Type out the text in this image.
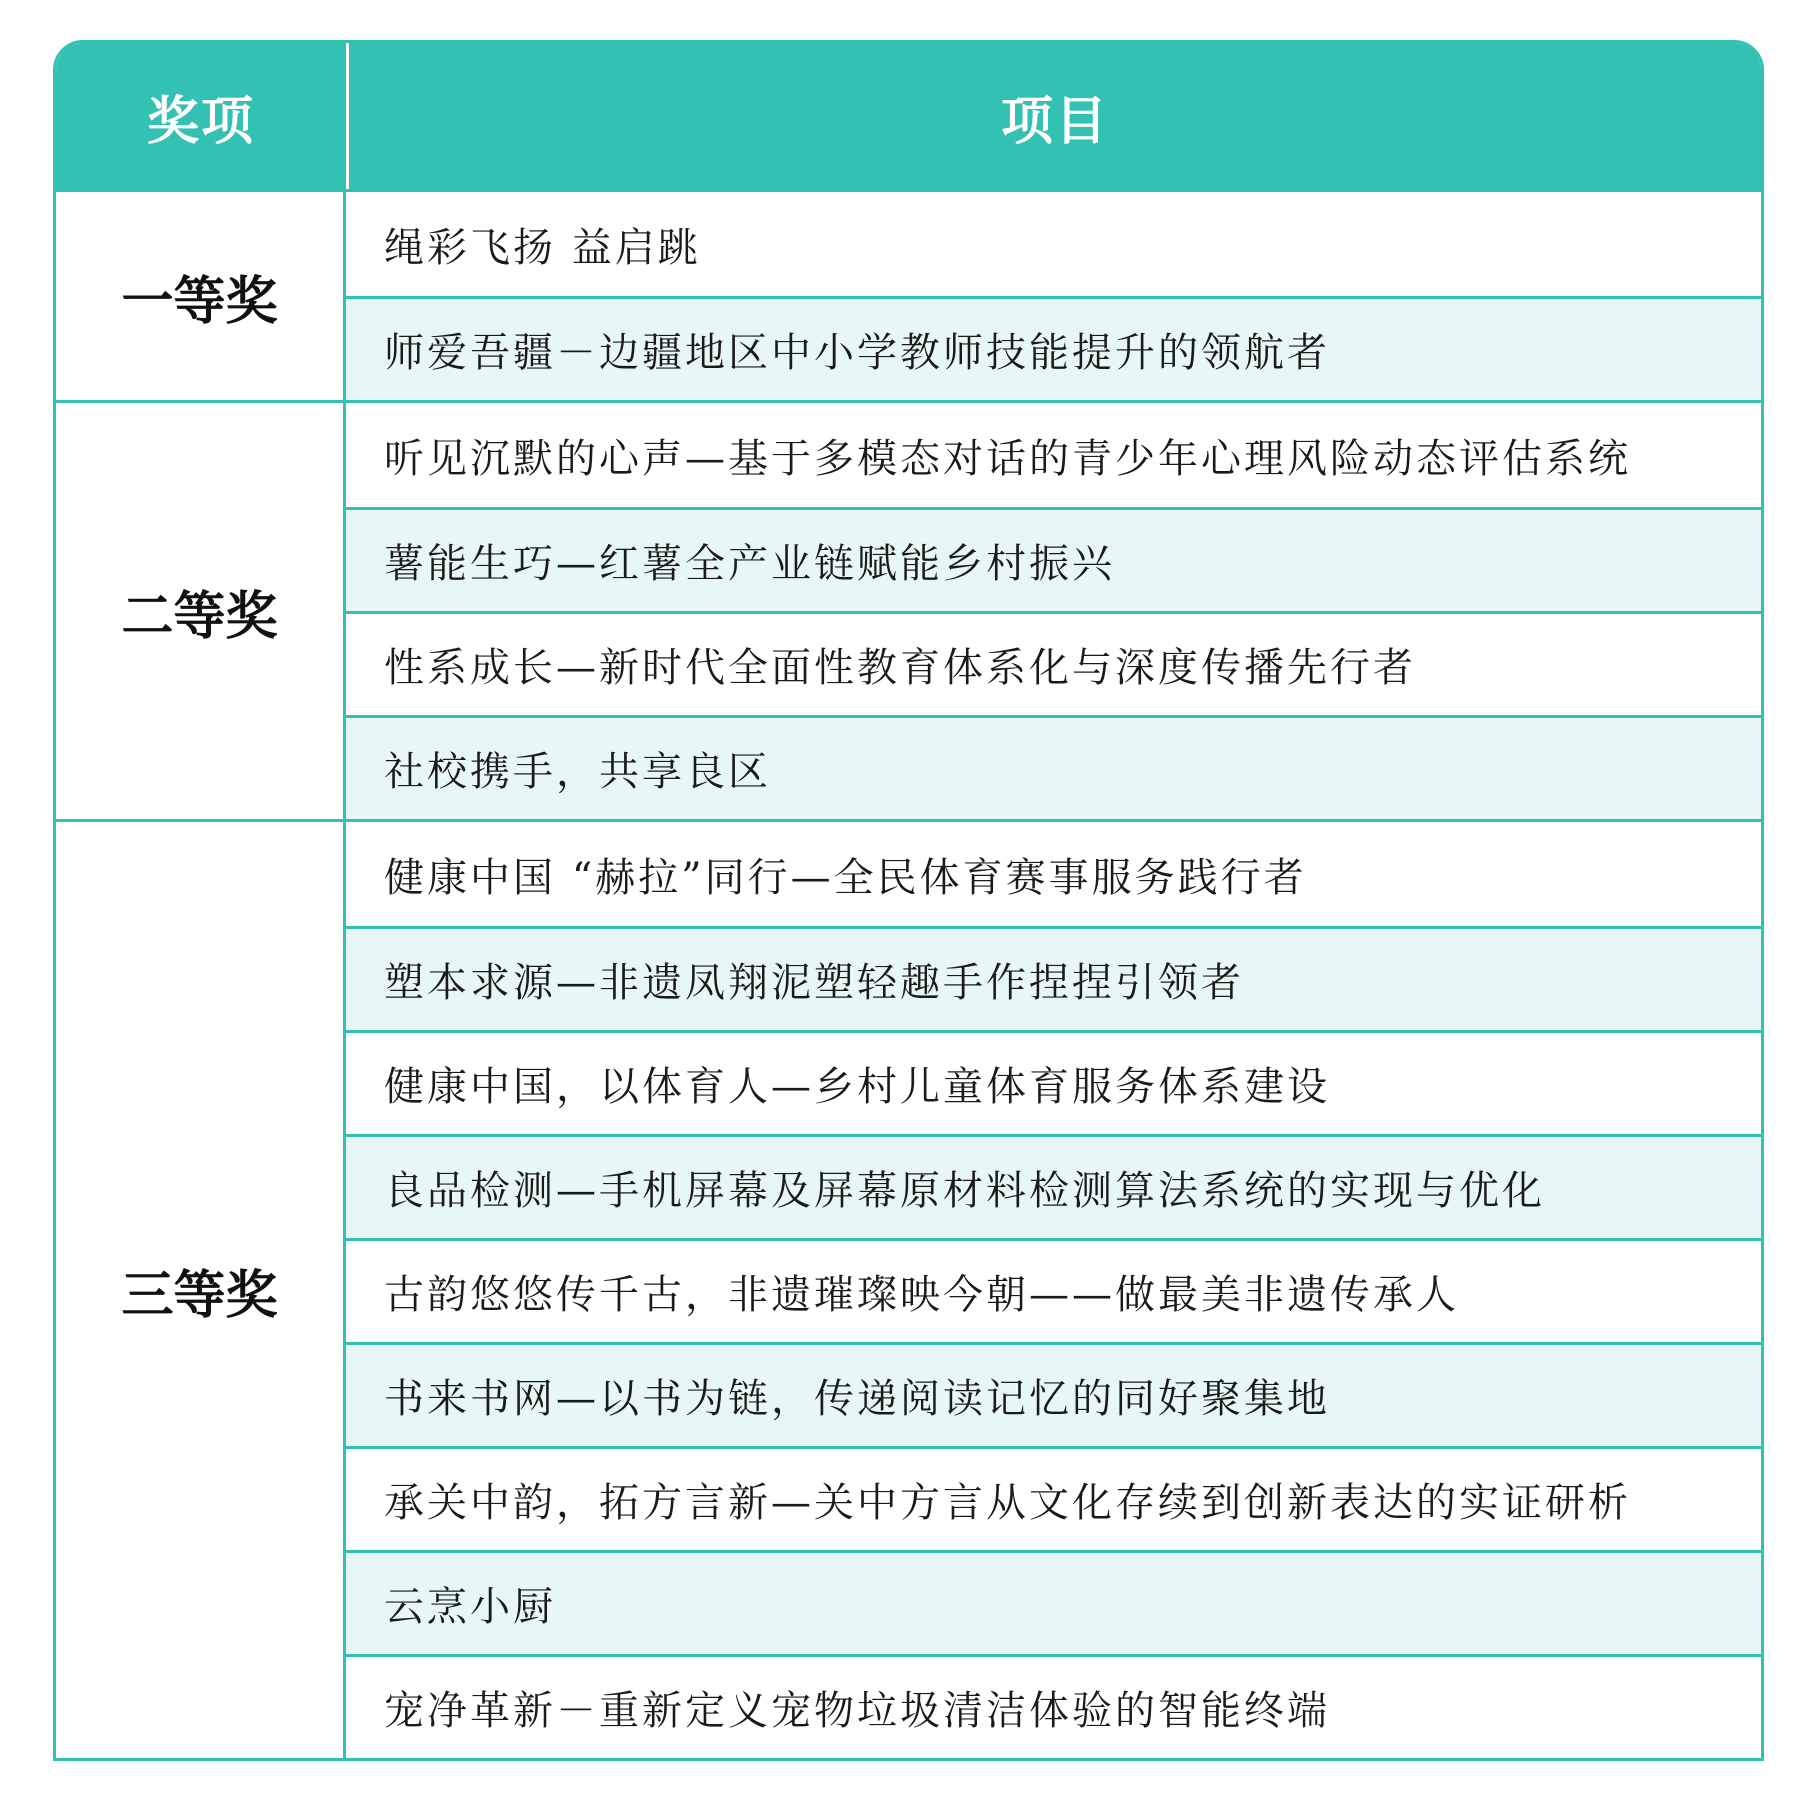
奖项	项目
一等奖
绳彩飞扬 益启跳
师爱吾疆－边疆地区中小学教师技能提升的领航者
二等奖
听见沉默的心声—基于多模态对话的青少年心理风险动态评估系统
薯能生巧—红薯全产业链赋能乡村振兴
性系成长—新时代全面性教育体系化与深度传播先行者
社校携手，共享良区
三等奖
健康中国 “赫拉”同行—全民体育赛事服务践行者
塑本求源—非遗凤翔泥塑轻趣手作捏捏引领者
健康中国，以体育人—乡村儿童体育服务体系建设
良品检测—手机屏幕及屏幕原材料检测算法系统的实现与优化
古韵悠悠传千古，非遗璀璨映今朝——做最美非遗传承人
书来书网—以书为链，传递阅读记忆的同好聚集地
承关中韵，拓方言新—关中方言从文化存续到创新表达的实证研析
云烹小厨
宠净革新－重新定义宠物垃圾清洁体验的智能终端
